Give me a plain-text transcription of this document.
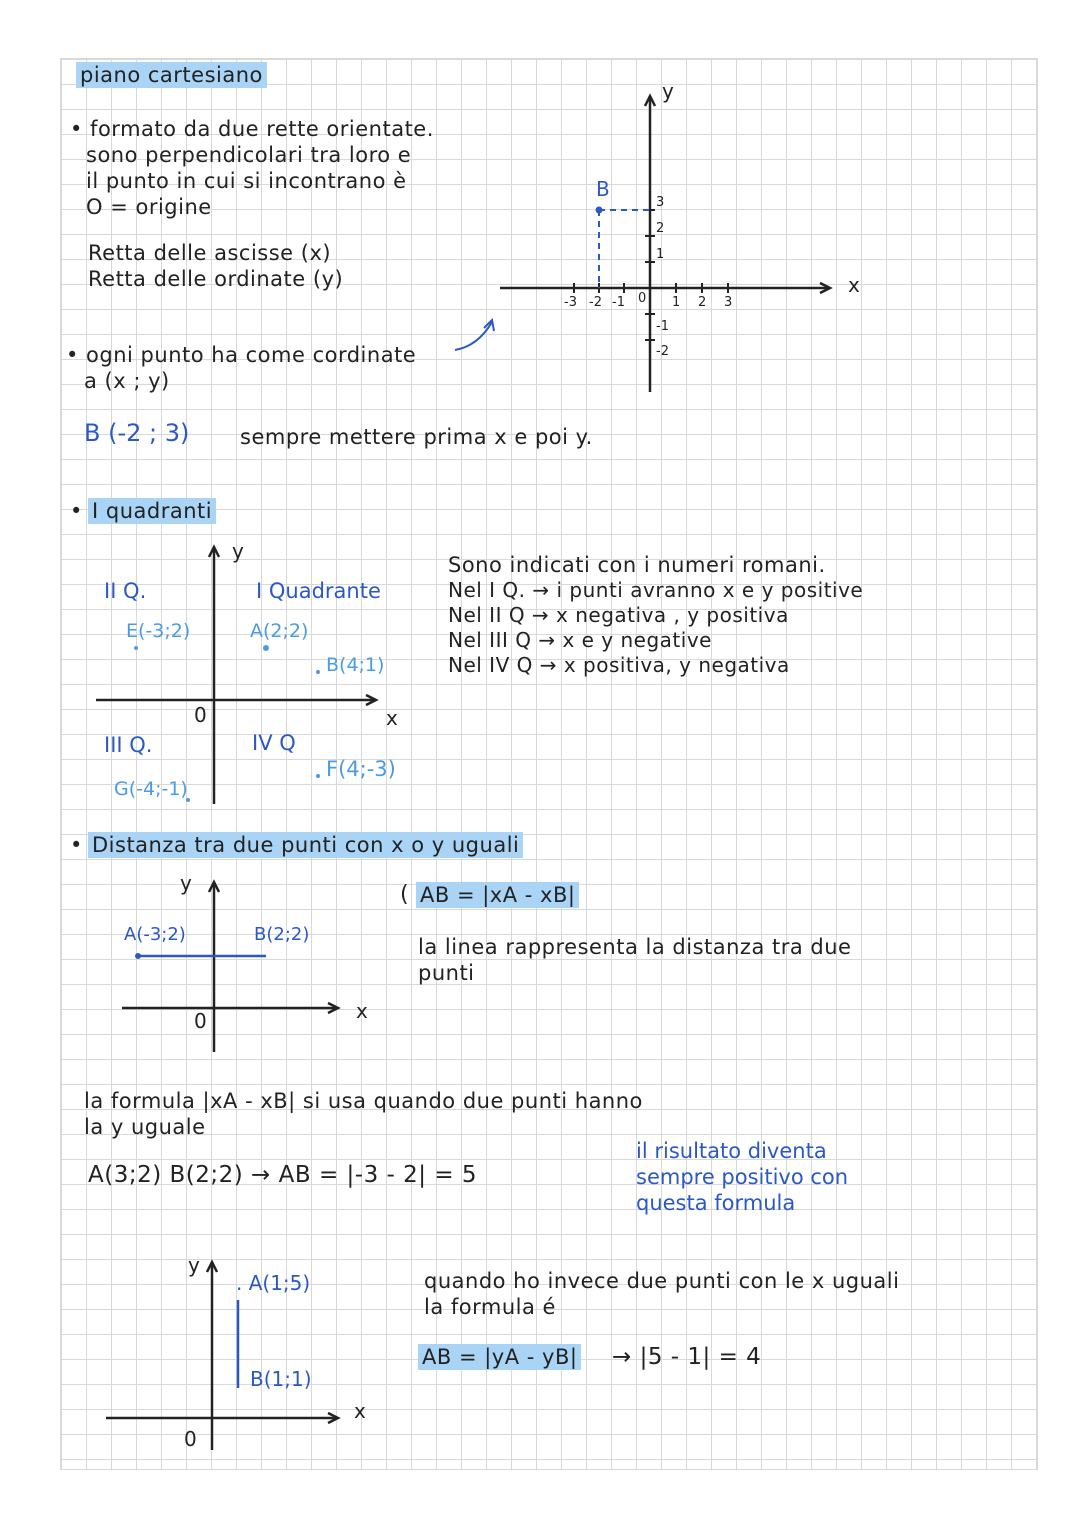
piano cartesiano
• formato da due rette orientate.
sono perpendicolari tra loro e
il punto in cui si incontrano è
O = origine
Retta delle ascisse (x)
Retta delle ordinate (y)
• ogni punto ha come cordinate
a (x ; y)
B (-2 ; 3) sempre mettere prima x e poi y.
x
y
0
-3 -2 -1	1 2 3
3
2
1
-1
-2
B
• I quadranti
x
y
0
II Q.	I Quadrante
III Q.	IV Q
E(-3;2)	A(2;2)
B(4;1)
F(4;-3)
G(-4;-1)
Sono indicati con i numeri romani.
Nel I Q. → i punti avranno x e y positive
Nel II Q → x negativa , y positiva
Nel III Q → x e y negative
Nel IV Q → x positiva, y negativa
• Distanza tra due punti con x o y uguali
y
x
0
A(-3;2)	B(2;2)
( AB = |xA - xB|
la linea rappresenta la distanza tra due
punti
la formula |xA - xB| si usa quando due punti hanno
la y uguale
A(3;2) B(2;2) → AB = |-3 - 2| = 5
il risultato diventa
sempre positivo con
questa formula
y
x
0
. A(1;5)
B(1;1)
quando ho invece due punti con le x uguali
la formula é
AB = |yA - yB| → |5 - 1| = 4
